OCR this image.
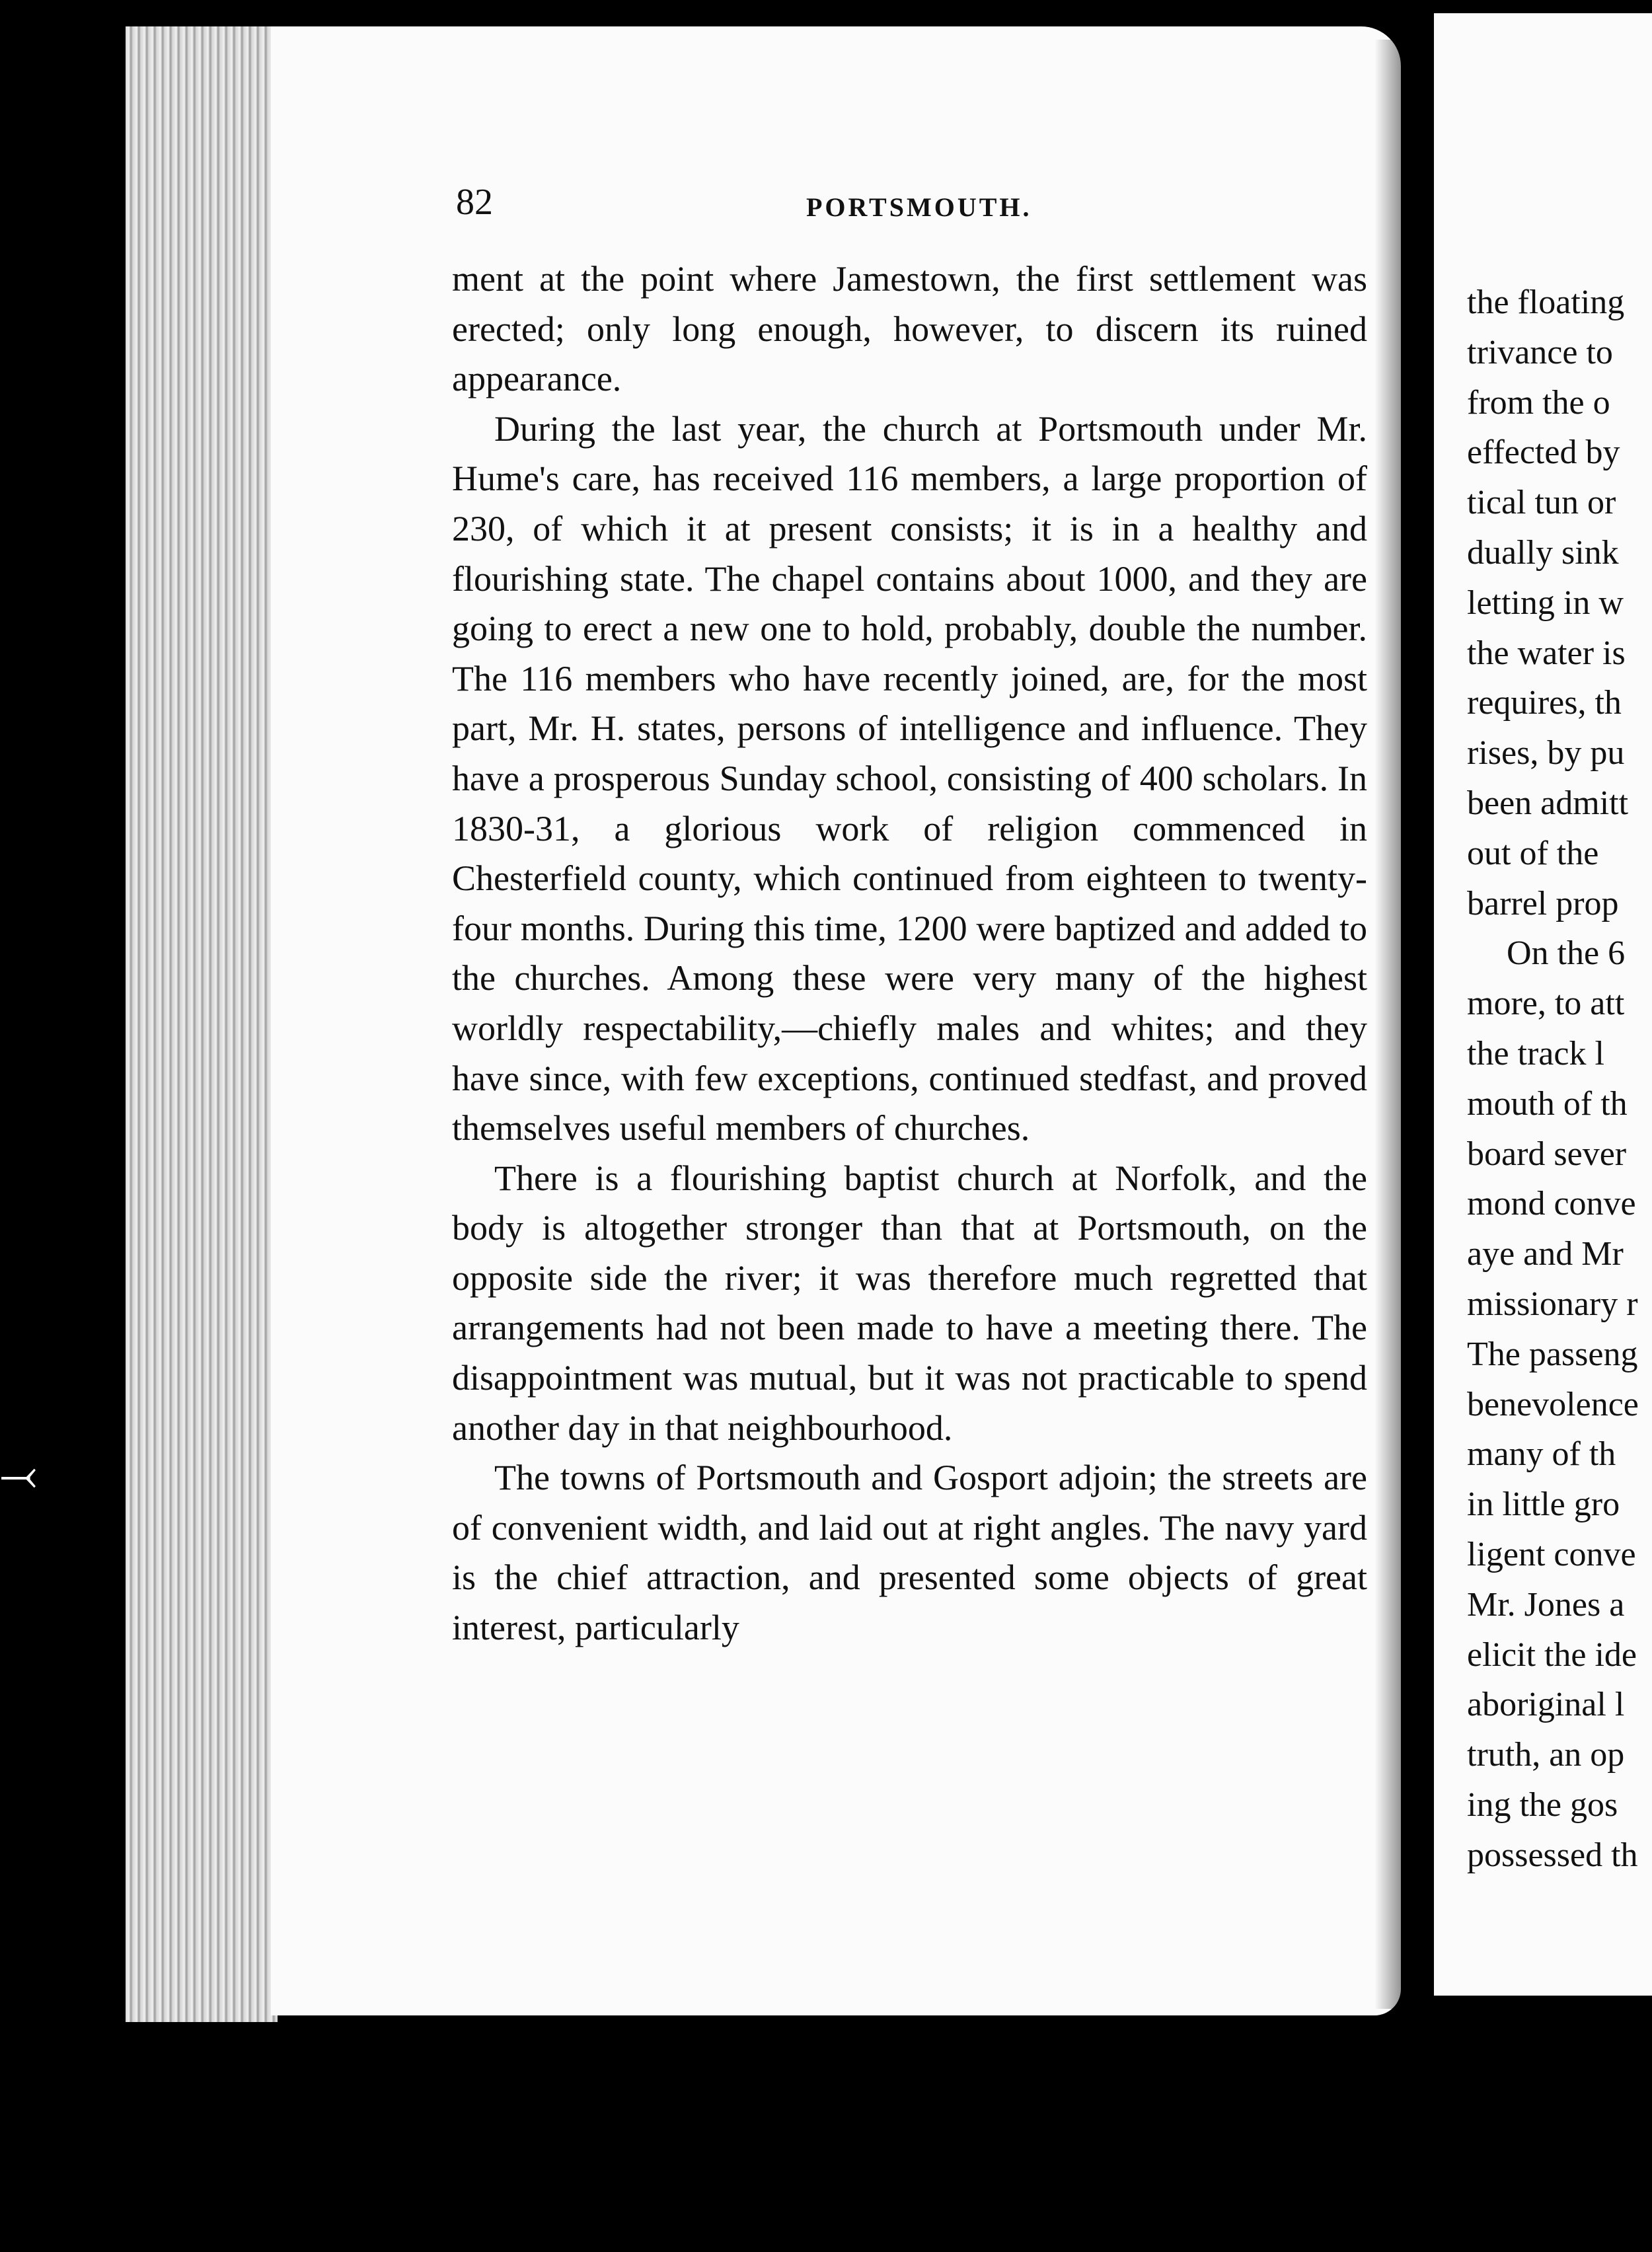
the floating
trivance to
from the o
effected by
tical tun or
dually sink
letting in w
the water is
requires, th
rises, by pu
been admitt
out of the
barrel prop
On the 6
more, to att
the track l
mouth of th
board sever
mond conve
aye and Mr
missionary r
The passeng
benevolence
many of th
in little gro
ligent conve
Mr. Jones a
elicit the ide
aboriginal l
truth, an op
ing the gos
possessed th
82	PORTSMOUTH.

ment at the point where Jamestown, the first settlement was erected; only long enough, however, to discern its ruined appearance.

During the last year, the church at Portsmouth under Mr. Hume's care, has received 116 members, a large proportion of 230, of which it at present consists; it is in a healthy and flourishing state. The chapel contains about 1000, and they are going to erect a new one to hold, probably, double the number. The 116 members who have recently joined, are, for the most part, Mr. H. states, persons of intelligence and influence. They have a prosperous Sunday school, consisting of 400 scholars. In 1830-31, a glorious work of religion commenced in Chesterfield county, which continued from eighteen to twenty-four months. During this time, 1200 were baptized and added to the churches. Among these were very many of the highest worldly respectability,—chiefly males and whites; and they have since, with few exceptions, continued stedfast, and proved themselves useful members of churches.

There is a flourishing baptist church at Norfolk, and the body is altogether stronger than that at Portsmouth, on the opposite side the river; it was therefore much regretted that arrangements had not been made to have a meeting there. The disappointment was mutual, but it was not practicable to spend another day in that neighbourhood.

The towns of Portsmouth and Gosport adjoin; the streets are of convenient width, and laid out at right angles. The navy yard is the chief attraction, and presented some objects of great interest, particularly

⤙
